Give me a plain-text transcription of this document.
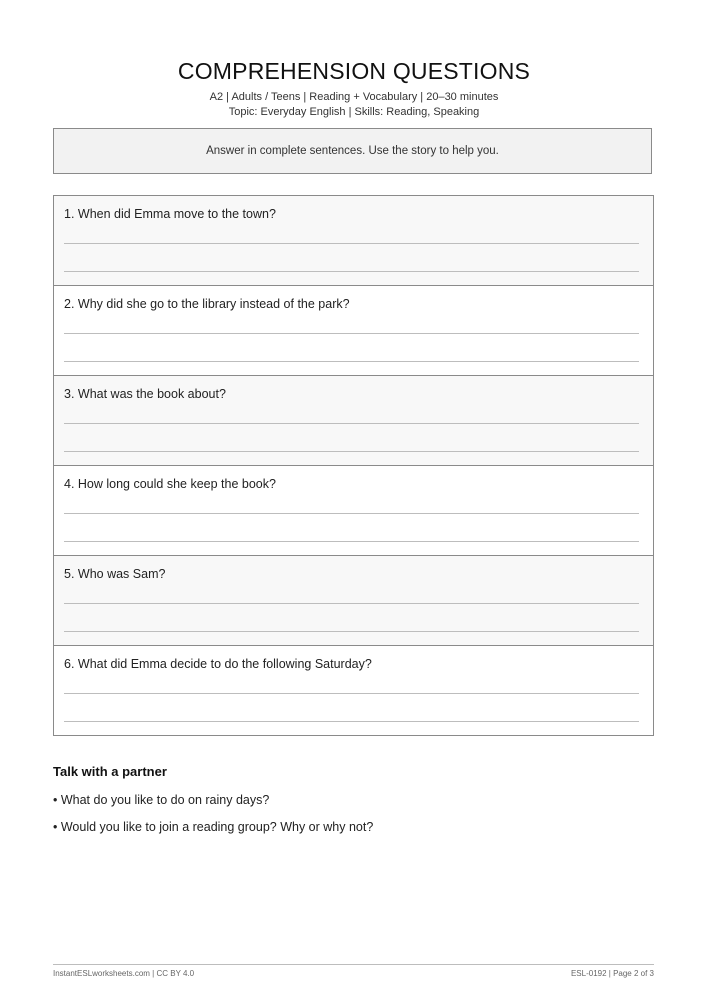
COMPREHENSION QUESTIONS
A2 | Adults / Teens | Reading + Vocabulary | 20–30 minutes
Topic: Everyday English | Skills: Reading, Speaking
Answer in complete sentences. Use the story to help you.
1. When did Emma move to the town?
2. Why did she go to the library instead of the park?
3. What was the book about?
4. How long could she keep the book?
5. Who was Sam?
6. What did Emma decide to do the following Saturday?
Talk with a partner
• What do you like to do on rainy days?
• Would you like to join a reading group? Why or why not?
InstantESLworksheets.com | CC BY 4.0	ESL-0192 | Page 2 of 3
